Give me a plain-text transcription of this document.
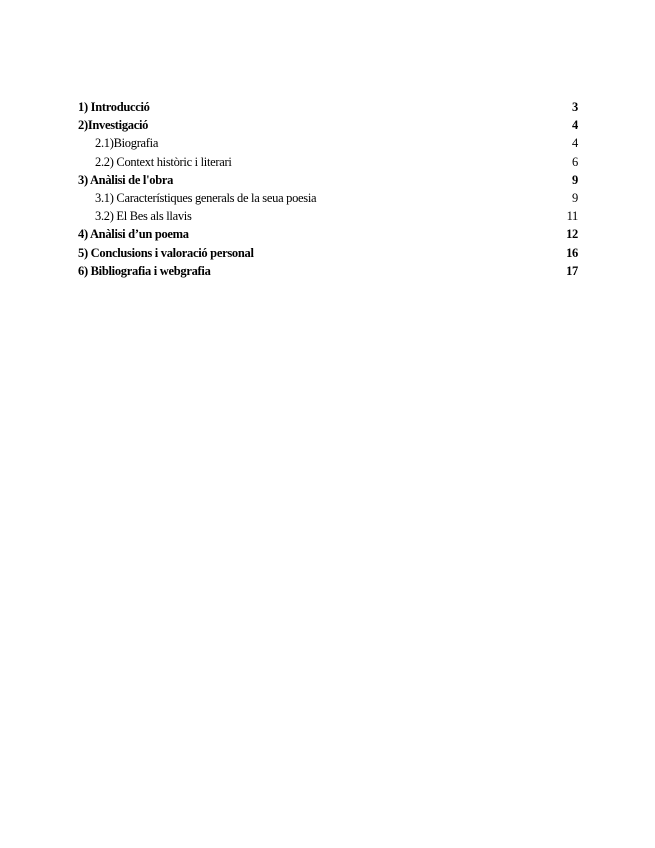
1) Introducció	3
2)Investigació	4
2.1)Biografia	4
2.2) Context històric i literari	6
3) Anàlisi de l'obra	9
3.1) Característiques generals de la seua poesia	9
3.2) El Bes als llavis	11
4) Anàlisi d’un poema	12
5) Conclusions i valoració personal	16
6) Bibliografia i webgrafia	17
